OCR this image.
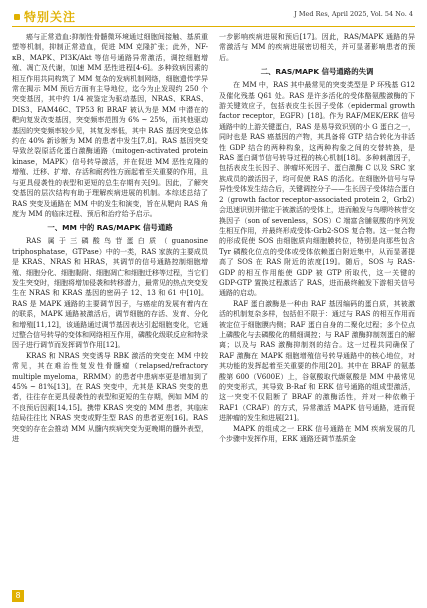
特别关注	J Med Res, April 2025, Vol. 54 No. 4

癌与正常造血:抑制性骨髓微环境通过细胞间接触、基质重塑等机制，抑制正常造血，促进 MM 克隆扩张；此外，NF-κB、MAPK、PI3K/Akt 等信号通路异常激活，调控细胞增殖、凋亡及代谢，加速 MM 恶性进程[4-6]。多种致病因素的相互作用共同构筑了 MM 复杂的发病机制网络，细胞遗传学异常在揭示 MM 预后方面有主导地位，迄今为止发现约 250 个突变基因，其中约 1/4 被鉴定为驱动基因，NRAS、KRAS、DIS3、FAM46C、TP53 和 BRAF 被认为是 MM 中潜在的靶向复发改变基因，突变频率范围为 6% ~ 25%，而其他驱动基因的突变频率较少见，其复发率低，其中 RAS 基因突变总体约在 40% 新诊断为 MM 的患者中发生[7,8]。RAS 基因突变导致丝裂原活化蛋白激酶通路（mitogen-activated protein kinase，MAPK）信号转导激活，并在促进 MM 恶性克隆的增殖、迁移、扩增、存活和耐药性方面起着至关重要的作用，且与更具侵袭性的表型和更短的总生存期有关[9]。因此，了解突变基因的层次结构有助于理解疾病进展的机制。本综述总结了 RAS 突变及通路在 MM 中的发生和演变，旨在从靶向 RAS 角度为 MM 的临床过程、预后和治疗给予启示。

一、MM 中的 RAS/MAPK 信号通路

RAS 属于三磷酸鸟苷蛋白质（guanosine triphosphatase，GTPase）中的一类，RAS 家族的主要成员是 KRAS、NRAS 和 HRAS，其调节的信号通路控制细胞增殖、细胞分化、细胞黏附、细胞凋亡和细胞迁移等过程，当它们发生突变时，细胞将增加侵袭和转移潜力，最常见的热点突变发生在 NRAS 和 KRAS 基因的密码子 12、13 和 61 中[10]。RAS 是 MAPK 通路的主要调节因子，与癌症的发展有着内在的联系，MAPK 通路被激活后，调节细胞的存活、发育、分化和增殖[11,12]，该通路通过调节基因表达引起细胞变化，它通过整合信号转导的变体和网络相互作用，磷酸化级联反应和特录因子进行调节而发挥调节作用[12]。

KRAS 和 NRAS 突变诱导 RBK 激活的突变在 MM 中较常见，其在难治性复发性骨髓瘤（relapsed/refractory multiple myeloma，RRMM）的患者中患病率更是增加到了 45% ~ 81%[13]。在 RAS 突变中，尤其是 KRAS 突变的患者，往往存在更具侵袭性的表型和更短的生存期，例如 MM 的不良预后因素[14,15]。携带 KRAS 突变的 MM 患者，其临床结局往往比 NRAS 突变或野生型 RAS 的患者更差[16]。RAS 突变的存在会推动 MM 从髓内疾病突变为更晚期的髓外表型，进

一步影响疾病进展和预后[17]。因此，RAS/MAPK 通路的异常激活与 MM 的疾病进展密切相关，并可显著影响患者的预后。

二、RAS/MAPK 信号通路的失调

在 MM 中，RAS 其中最常见的突变类型是 P 环残基 G12 及催化残基 Q61 处。RAS 是许多活化的受体酪氨酸激酶的下游关键效应子，包括表皮生长因子受体（epidermal growth factor receptor，EGFR）[18]。作为 RAF/MEK/ERK 信号通路中的上游关键蛋白，RAS 是易导致识别的小 G 蛋白之一，同时也是 RAS 癌基因的产物，其具备将 GTP 结合转化为非活性 GDP 结合的两种构象，这两种构象之间的交替转换，是 RAS 蛋白调节信号转导过程的核心机制[18]。多种刺激因子，包括表皮生长因子、肿瘤坏死因子、蛋白激酶 C 以及 SRC 家族成员的激活因子，均可促使 RAS 的活化。在细胞外信号与导异性受体发生结合后，关键调控分子——生长因子受体结合蛋白 2（growth factor receptor-associated protein 2，Grb2）会迅速识别并锚定于被激活的受体上，进而触发与鸟嘌呤核苷交换因子（son of sevenless，SOS）C 端富含脯氨酸的序列发生相互作用，并最终形成受体-Grb2-SOS 复合物。这一复合物的形成促使 SOS 由细胞质向细胞膜转位，特别是向那些包含 Tyr 磷酸化位点的受体或受体依赖蛋白附近集中，从而显著提高了 SOS 在 RAS 附近的浓度[19]。随后，SOS 与 RAS-GDP 的相互作用能使 GDP 被 GTP 所取代，这一关键的 GDP-GTP 置换过程激活了 RAS，进而最终触发下游相关信号通路的启动。

RAF 蛋白激酶是一种由 RAF 基因编码的蛋白质，其被激活的机制复杂多样，包括但不限于：通过与 RAS 的相互作用而被定位于细胞膜内侧；RAF 蛋白自身的二聚化过程；多个位点上磷酸化与去磷酸化的精细调控；与 RAF 激酶抑制剂蛋白的解离；以及与 RAS 激酶抑制剂的结合。这一过程共同确保了 RAF 激酶在 MAPK 细胞增殖信号转导通路中的核心地位，对其功能的发挥起着至关重要的作用[20]。其中在 BRAF 的氨基酸第 600（V600E）上，谷氨酸取代缬氨酸是 MM 中最常见的突变形式，其导致 B-Raf 和 ERK 信号通路的组成型激活，这一突变不仅阻断了 BRAF 的激酶活性，并对一种依赖于 RAF1（CRAF）的方式，异常激活 MAPK 信号通路，进而促进肿瘤的发生和进展[21]。

MAPK 的组成之一 ERK 信号通路在 MM 疾病发展的几个步骤中发挥作用，ERK 通路还调节基质金

8
